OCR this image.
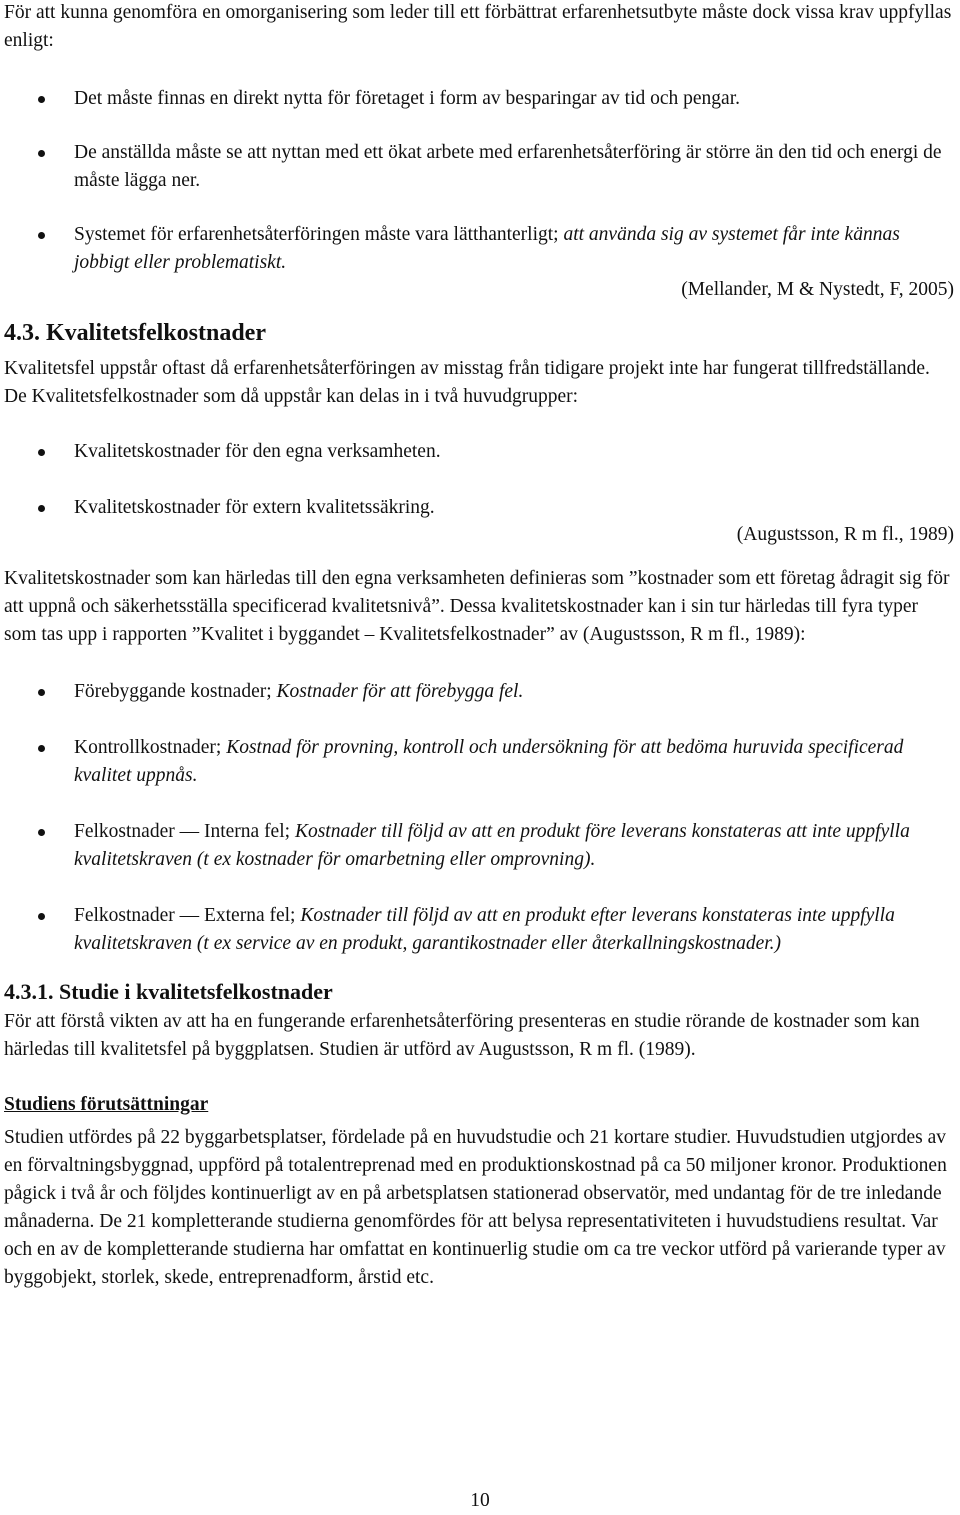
För att kunna genomföra en omorganisering som leder till ett förbättrat erfarenhetsutbyte måste dock vissa krav uppfyllas enligt:

Det måste finnas en direkt nytta för företaget i form av besparingar av tid och pengar.

De anställda måste se att nyttan med ett ökat arbete med erfarenhetsåterföring är större än den tid och energi de måste lägga ner.

Systemet för erfarenhetsåterföringen måste vara lätthanterligt; att använda sig av systemet får inte kännas jobbigt eller problematiskt.

(Mellander, M & Nystedt, F, 2005)

4.3. Kvalitetsfelkostnader

Kvalitetsfel uppstår oftast då erfarenhetsåterföringen av misstag från tidigare projekt inte har fungerat tillfredställande. De Kvalitetsfelkostnader som då uppstår kan delas in i två huvudgrupper:

Kvalitetskostnader för den egna verksamheten.

Kvalitetskostnader för extern kvalitetssäkring.

(Augustsson, R m fl., 1989)

Kvalitetskostnader som kan härledas till den egna verksamheten definieras som ”kostnader som ett företag ådragit sig för att uppnå och säkerhetsställa specificerad kvalitetsnivå”. Dessa kvalitetskostnader kan i sin tur härledas till fyra typer som tas upp i rapporten ”Kvalitet i byggandet – Kvalitetsfelkostnader” av (Augustsson, R m fl., 1989):

Förebyggande kostnader; Kostnader för att förebygga fel.

Kontrollkostnader; Kostnad för provning, kontroll och undersökning för att bedöma huruvida specificerad kvalitet uppnås.

Felkostnader — Interna fel; Kostnader till följd av att en produkt före leverans konstateras att inte uppfylla kvalitetskraven (t ex kostnader för omarbetning eller omprovning).

Felkostnader — Externa fel; Kostnader till följd av att en produkt efter leverans konstateras inte uppfylla kvalitetskraven (t ex service av en produkt, garantikostnader eller återkallningskostnader.)

4.3.1. Studie i kvalitetsfelkostnader

För att förstå vikten av att ha en fungerande erfarenhetsåterföring presenteras en studie rörande de kostnader som kan härledas till kvalitetsfel på byggplatsen. Studien är utförd av Augustsson, R m fl. (1989).

Studiens förutsättningar

Studien utfördes på 22 byggarbetsplatser, fördelade på en huvudstudie och 21 kortare studier. Huvudstudien utgjordes av en förvaltningsbyggnad, uppförd på totalentreprenad med en produktionskostnad på ca 50 miljoner kronor. Produktionen pågick i två år och följdes kontinuerligt av en på arbetsplatsen stationerad observatör, med undantag för de tre inledande månaderna. De 21 kompletterande studierna genomfördes för att belysa representativiteten i huvudstudiens resultat. Var och en av de kompletterande studierna har omfattat en kontinuerlig studie om ca tre veckor utförd på varierande typer av byggobjekt, storlek, skede, entreprenadform, årstid etc.

10
